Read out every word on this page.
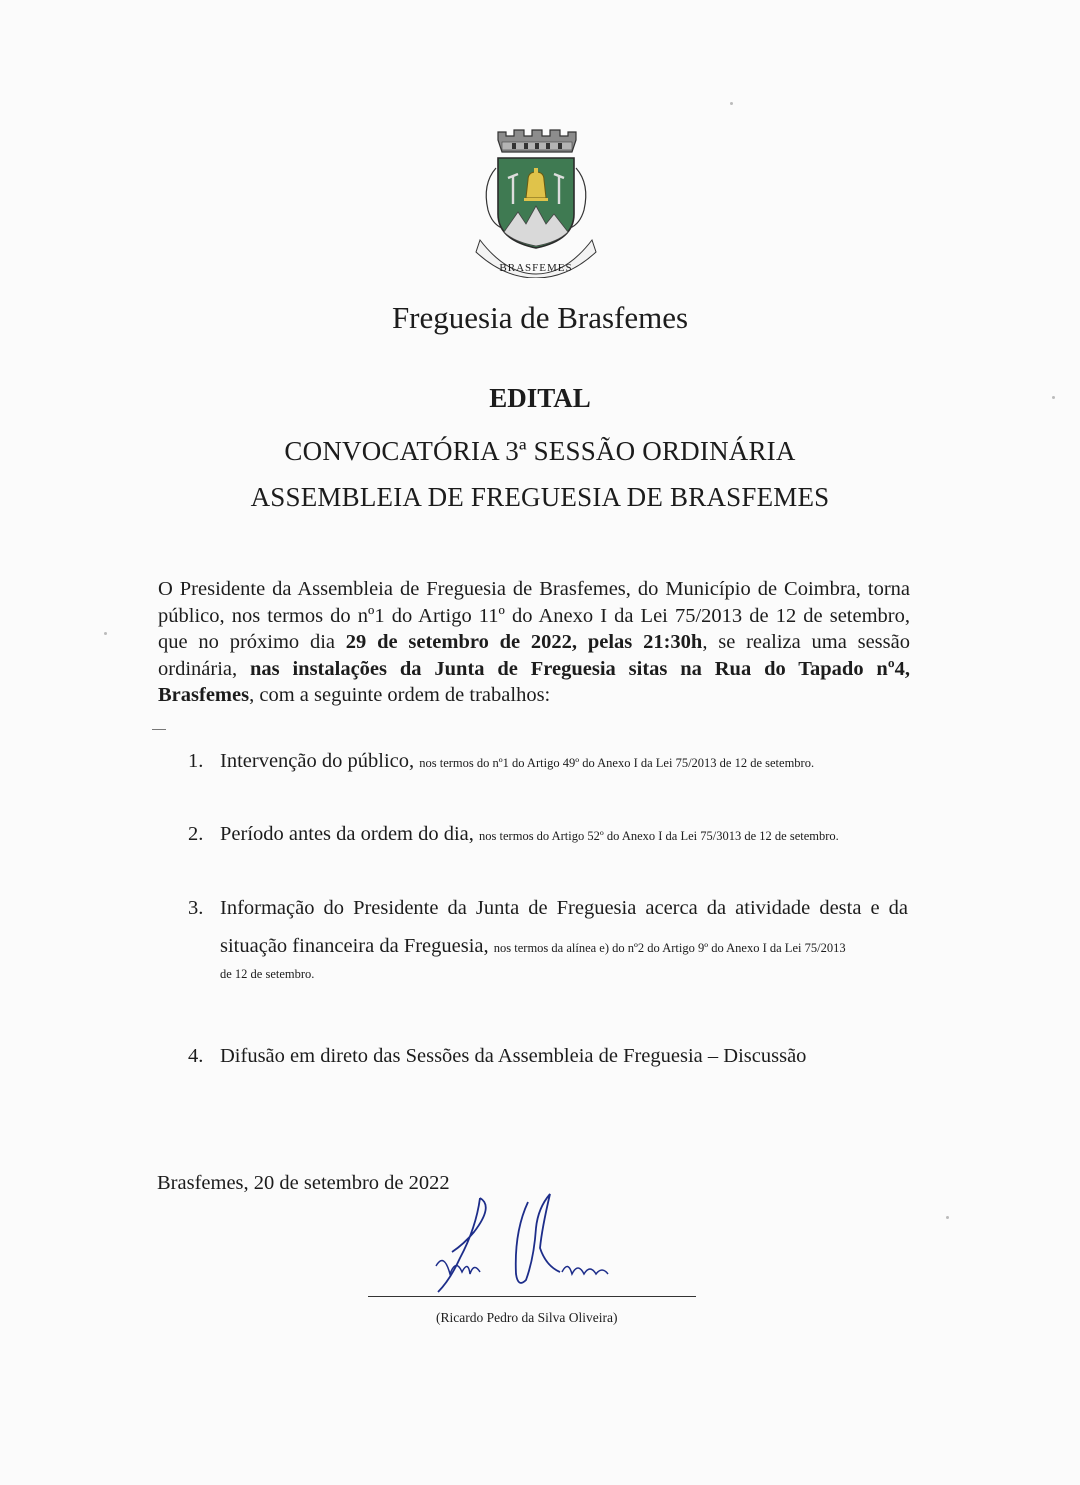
BRASFEMES
Freguesia de Brasfemes
EDITAL
CONVOCATÓRIA 3ª SESSÃO ORDINÁRIA
ASSEMBLEIA DE FREGUESIA DE BRASFEMES
O Presidente da Assembleia de Freguesia de Brasfemes, do Município de Coimbra, torna público, nos termos do nº1 do Artigo 11º do Anexo I da Lei 75/2013 de 12 de setembro, que no próximo dia 29 de setembro de 2022, pelas 21:30h, se realiza uma sessão ordinária, nas instalações da Junta de Freguesia sitas na Rua do Tapado nº4, Brasfemes, com a seguinte ordem de trabalhos:
1. Intervenção do público, nos termos do nº1 do Artigo 49º do Anexo I da Lei 75/2013 de 12 de setembro.
2. Período antes da ordem do dia, nos termos do Artigo 52º do Anexo I da Lei 75/3013 de 12 de setembro.
3. Informação do Presidente da Junta de Freguesia acerca da atividade desta e da
situação financeira da Freguesia, nos termos da alínea e) do nº2 do Artigo 9º do Anexo I da Lei 75/2013
de 12 de setembro.
4. Difusão em direto das Sessões da Assembleia de Freguesia – Discussão
Brasfemes, 20 de setembro de 2022
(Ricardo Pedro da Silva Oliveira)
